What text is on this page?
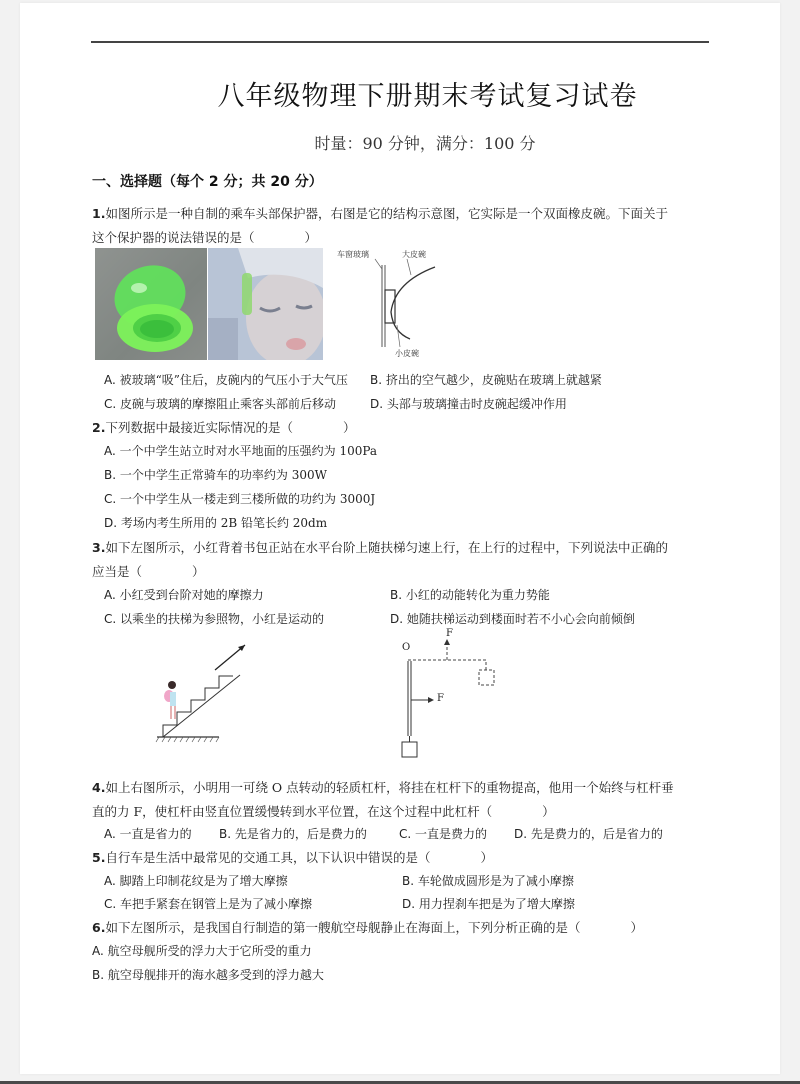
八年级物理下册期末考试复习试卷
时量：90 分钟，满分：100 分
一、选择题（每个 2 分；共 20 分）
1.如图所示是一种自制的乘车头部保护器，右图是它的结构示意图，它实际是一个双面橡皮碗。下面关于
这个保护器的说法错误的是（　　　　）
车窗玻璃	大皮碗
小皮碗
A. 被玻璃“吸”住后，皮碗内的气压小于大气压 B. 挤出的空气越少，皮碗贴在玻璃上就越紧
C. 皮碗与玻璃的摩擦阻止乘客头部前后移动	D. 头部与玻璃撞击时皮碗起缓冲作用
2.下列数据中最接近实际情况的是（　　　　）
A. 一个中学生站立时对水平地面的压强约为 100Pa
B. 一个中学生正常骑车的功率约为 300W
C. 一个中学生从一楼走到三楼所做的功约为 3000J
D. 考场内考生所用的 2B 铅笔长约 20dm
3.如下左图所示，小红背着书包正站在水平台阶上随扶梯匀速上行，在上行的过程中，下列说法中正确的
应当是（　　　　）
A. 小红受到台阶对她的摩擦力	B. 小红的动能转化为重力势能
C. 以乘坐的扶梯为参照物，小红是运动的	D. 她随扶梯运动到楼面时若不小心会向前倾倒
O
F
F
4.如上右图所示，小明用一可绕 O 点转动的轻质杠杆，将挂在杠杆下的重物提高，他用一个始终与杠杆垂
直的力 F，使杠杆由竖直位置缓慢转到水平位置，在这个过程中此杠杆（　　　　）
A. 一直是省力的 B. 先是省力的，后是费力的	C. 一直是费力的 D. 先是费力的，后是省力的
5.自行车是生活中最常见的交通工具，以下认识中错误的是（　　　　）
A. 脚踏上印制花纹是为了增大摩擦	B. 车轮做成圆形是为了减小摩擦
C. 车把手紧套在钢管上是为了减小摩擦	D. 用力捏刹车把是为了增大摩擦
6.如下左图所示，是我国自行制造的第一艘航空母舰静止在海面上，下列分析正确的是（　　　　）
A. 航空母舰所受的浮力大于它所受的重力
B. 航空母舰排开的海水越多受到的浮力越大
